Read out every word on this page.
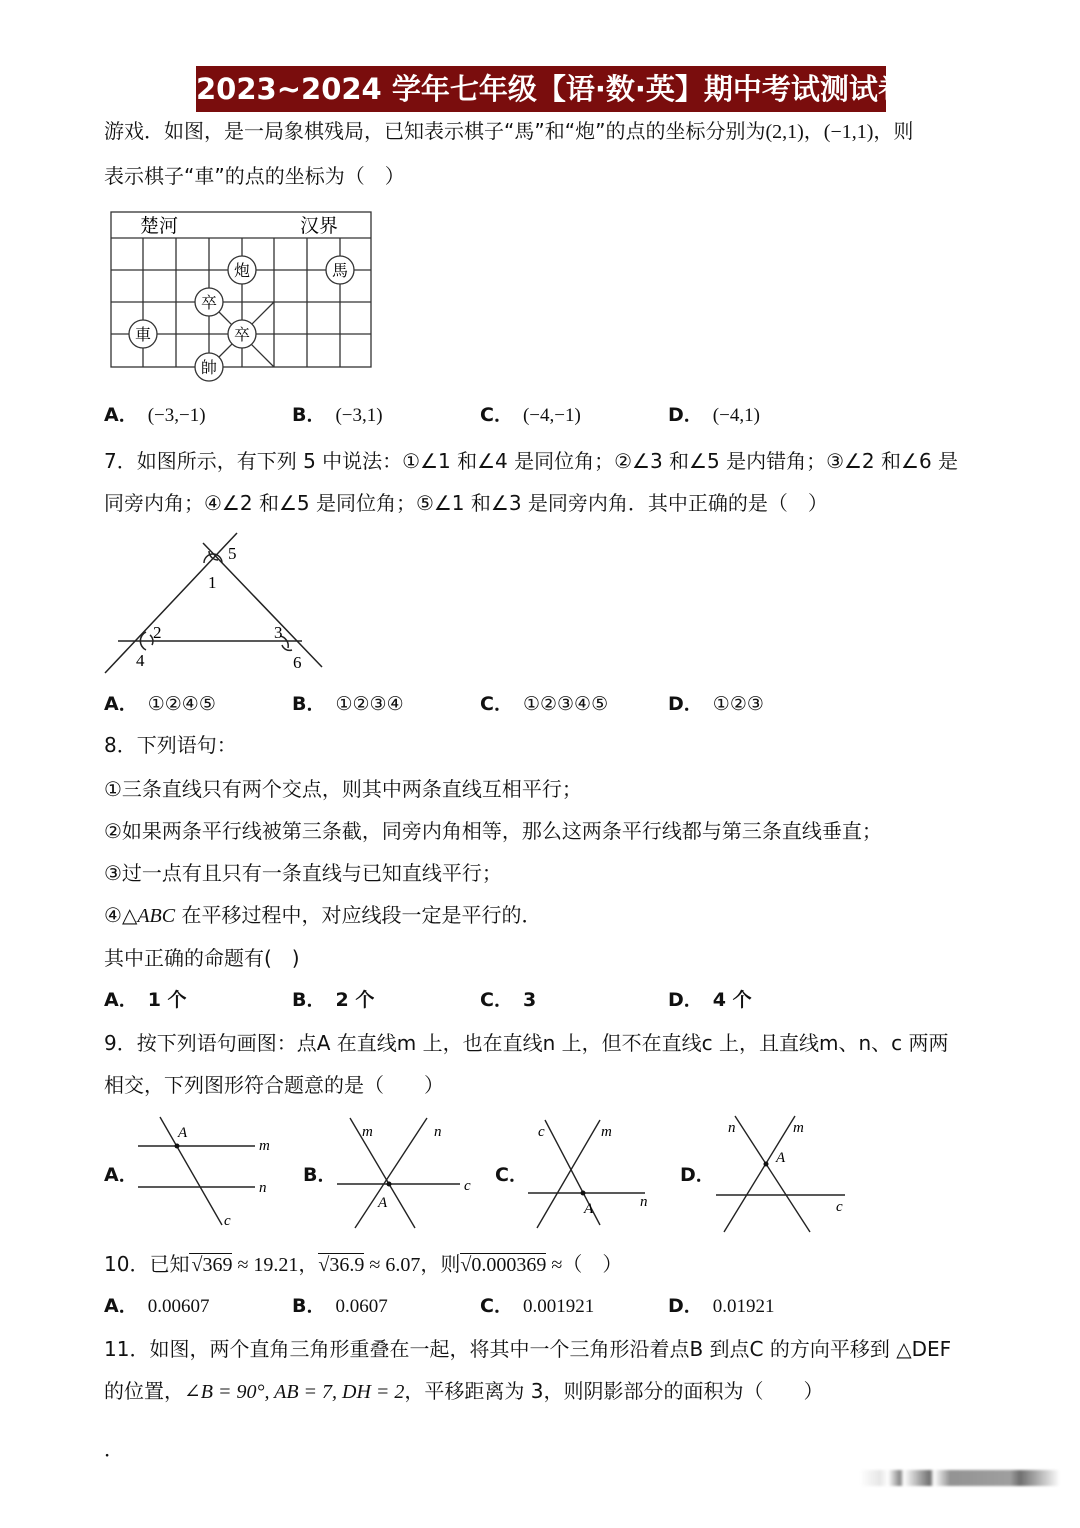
2023~2024 学年七年级【语·数·英】期中考试测试卷
游戏．如图，是一局象棋残局，已知表示棋子“馬”和“炮”的点的坐标分别为(2,1)，(−1,1)，则
表示棋子“車”的点的坐标为（　）
楚河	汉界
炮	馬
卒
卒
車
帥
A． (−3,−1)	B． (−3,1)	C． (−4,−1)	D． (−4,1)
7．如图所示，有下列 5 中说法：①∠1 和∠4 是同位角；②∠3 和∠5 是内错角；③∠2 和∠6 是
同旁内角；④∠2 和∠5 是同位角；⑤∠1 和∠3 是同旁内角．其中正确的是（　）
1
2	3
4
5
6
A． ①②④⑤	B． ①②③④	C． ①②③④⑤	D． ①②③
8．下列语句：
①三条直线只有两个交点，则其中两条直线互相平行；
②如果两条平行线被第三条截，同旁内角相等，那么这两条平行线都与第三条直线垂直；
③过一点有且只有一条直线与已知直线平行；
④△ABC 在平移过程中，对应线段一定是平行的．
其中正确的命题有(　)
A． 1 个	B． 2 个	C． 3	D． 4 个
9．按下列语句画图：点A 在直线m 上，也在直线n 上，但不在直线c 上，且直线m、n、c 两两
相交，下列图形符合题意的是（　　）
A．	B．	C．	D．
A
m
n
c
m	n
c
A
c	m
n
A
n	m
A
c
10．已知 √369 ≈ 19.21，√36.9 ≈ 6.07，则√0.000369 ≈（　）
A． 0.00607	B． 0.0607	C． 0.001921	D． 0.01921
11．如图，两个直角三角形重叠在一起，将其中一个三角形沿着点B 到点C 的方向平移到 △DEF
的位置，∠B = 90°, AB = 7, DH = 2，平移距离为 3，则阴影部分的面积为（　　）
．
